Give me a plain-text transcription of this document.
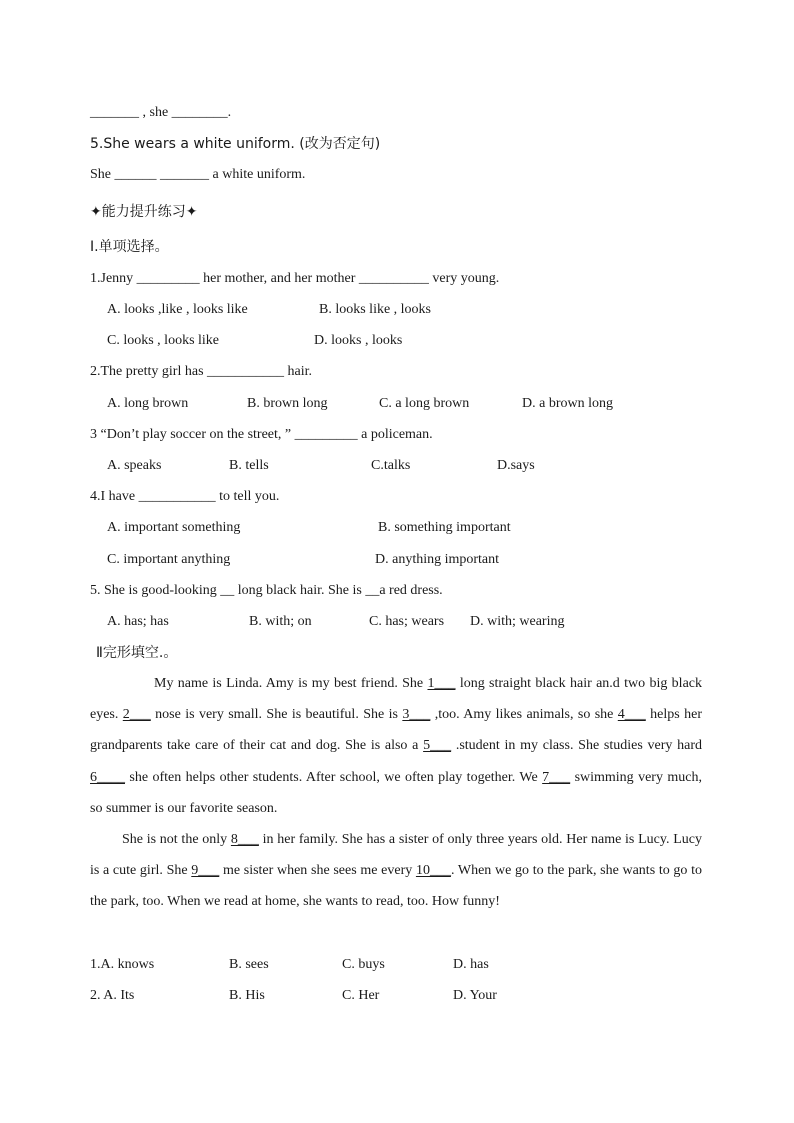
_______ , she ________.
5.She wears a white uniform. (改为否定句)
She ______ _______ a white uniform.
✦能力提升练习✦
I.单项选择。
1.Jenny _________ her mother, and her mother __________ very young.
A. looks ,like , looks like	B. looks like , looks
C. looks , looks like	D. looks , looks
2.The pretty girl has ___________ hair.
A. long brown	B. brown long	C. a long brown	D. a brown long
3 “Don’t play soccer on the street, ” _________ a policeman.
A. speaks	B. tells	C.talks	D.says
4.I have ___________ to tell you.
A. important something	B. something important
C. important anything	D. anything important
5. She is good-looking __ long black hair. She is __a red dress.
A. has; has	B. with; on	C. has; wears D. with; wearing
Ⅱ完形填空.。

My name is Linda. Amy is my best friend. She 1___ long straight black hair an.d two big black eyes. 2___ nose is very small. She is beautiful. She is 3___ ,too. Amy likes animals, so she 4___ helps her grandparents take care of their cat and dog. She is also a 5___ .student in my class. She studies very hard 6____ she often helps other students. After school, we often play together. We 7___ swimming very much, so summer is our favorite season.

She is not the only 8___ in her family. She has a sister of only three years old. Her name is Lucy. Lucy is a cute girl. She 9___ me sister when she sees me every 10___. When we go to the park, she wants to go to the park, too. When we read at home, she wants to read, too. How funny!

1.A. knows	B. sees	C. buys	D. has
2. A. Its	B. His	C. Her	D. Your
